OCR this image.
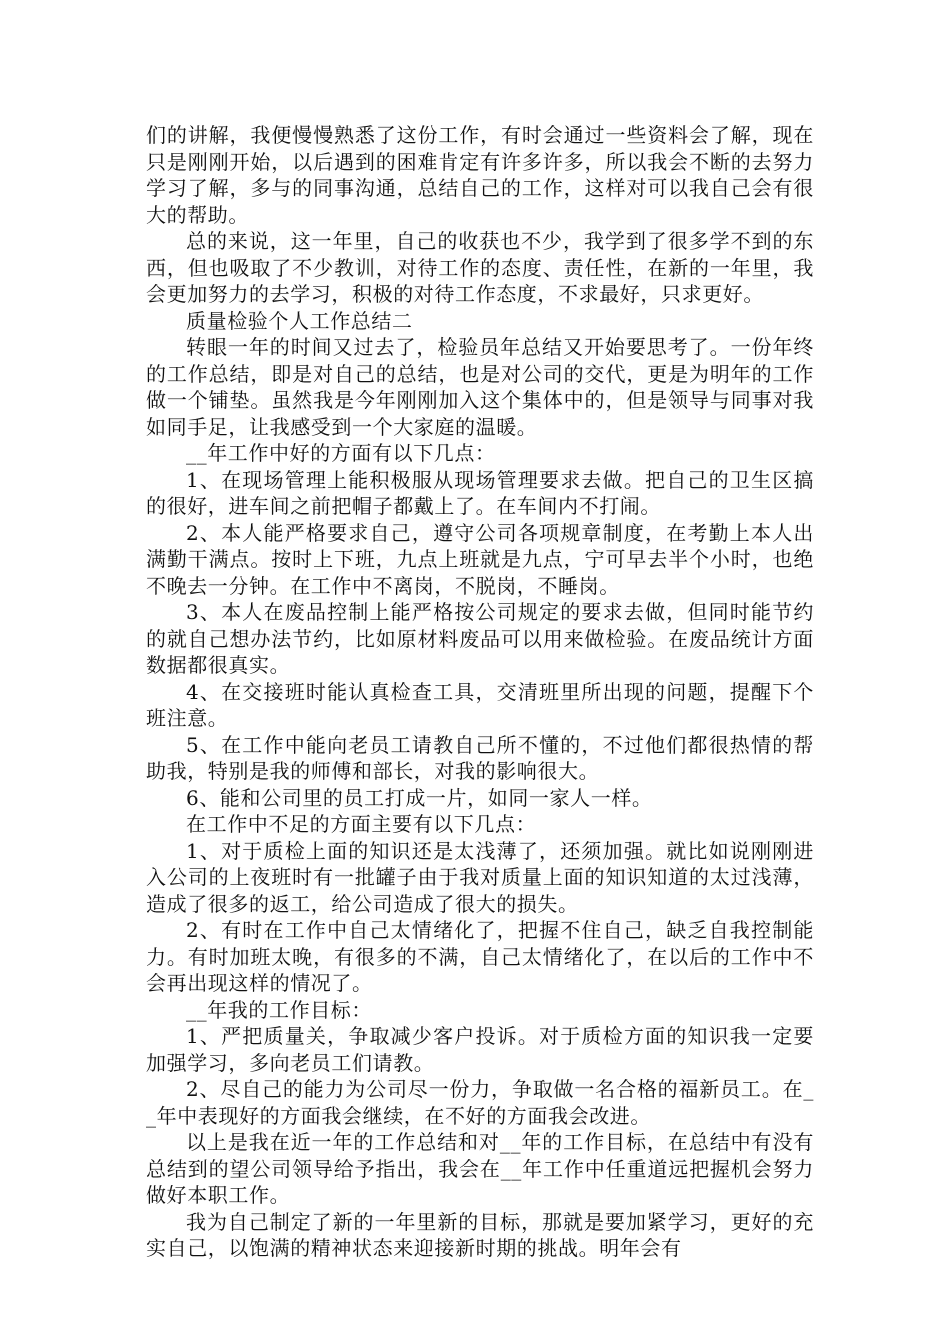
们的讲解，我便慢慢熟悉了这份工作，有时会通过一些资料会了解，现在只是刚刚开始，以后遇到的困难肯定有许多许多，所以我会不断的去努力学习了解，多与的同事沟通，总结自己的工作，这样对可以我自己会有很大的帮助。

总的来说，这一年里，自己的收获也不少，我学到了很多学不到的东西，但也吸取了不少教训，对待工作的态度、责任性，在新的一年里，我会更加努力的去学习，积极的对待工作态度，不求最好，只求更好。

质量检验个人工作总结二

转眼一年的时间又过去了，检验员年总结又开始要思考了。一份年终的工作总结，即是对自己的总结，也是对公司的交代，更是为明年的工作做一个铺垫。虽然我是今年刚刚加入这个集体中的，但是领导与同事对我如同手足，让我感受到一个大家庭的温暖。

__年工作中好的方面有以下几点：

1、在现场管理上能积极服从现场管理要求去做。把自己的卫生区搞的很好，进车间之前把帽子都戴上了。在车间内不打闹。

2、本人能严格要求自己，遵守公司各项规章制度，在考勤上本人出满勤干满点。按时上下班，九点上班就是九点，宁可早去半个小时，也绝不晚去一分钟。在工作中不离岗，不脱岗，不睡岗。

3、本人在废品控制上能严格按公司规定的要求去做，但同时能节约的就自己想办法节约，比如原材料废品可以用来做检验。在废品统计方面数据都很真实。

4、在交接班时能认真检查工具，交清班里所出现的问题，提醒下个班注意。

5、在工作中能向老员工请教自己所不懂的，不过他们都很热情的帮助我，特别是我的师傅和部长，对我的影响很大。

6、能和公司里的员工打成一片，如同一家人一样。

在工作中不足的方面主要有以下几点：

1、对于质检上面的知识还是太浅薄了，还须加强。就比如说刚刚进入公司的上夜班时有一批罐子由于我对质量上面的知识知道的太过浅薄，造成了很多的返工，给公司造成了很大的损失。

2、有时在工作中自己太情绪化了，把握不住自己，缺乏自我控制能力。有时加班太晚，有很多的不满，自己太情绪化了，在以后的工作中不会再出现这样的情况了。

__年我的工作目标：

1、严把质量关，争取减少客户投诉。对于质检方面的知识我一定要加强学习，多向老员工们请教。

2、尽自己的能力为公司尽一份力，争取做一名合格的福新员工。在__年中表现好的方面我会继续，在不好的方面我会改进。

以上是我在近一年的工作总结和对__年的工作目标，在总结中有没有总结到的望公司领导给予指出，我会在__年工作中任重道远把握机会努力做好本职工作。

我为自己制定了新的一年里新的目标，那就是要加紧学习，更好的充实自己，以饱满的精神状态来迎接新时期的挑战。明年会有
